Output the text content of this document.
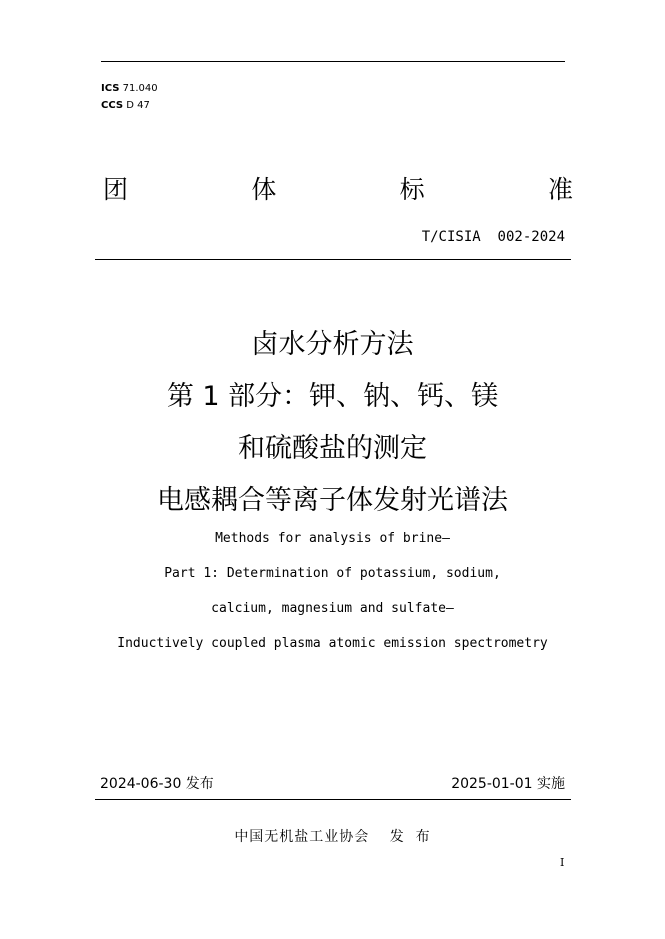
ICS 71.040
CCS D 47
团	体	标	准
T/CISIA  002-2024
卤水分析方法
第 1 部分：钾、钠、钙、镁
和硫酸盐的测定
电感耦合等离子体发射光谱法
Methods for analysis of brine—
Part 1: Determination of potassium, sodium,
calcium, magnesium and sulfate—
Inductively coupled plasma atomic emission spectrometry
2024-06-30 发布	2025-01-01 实施
中国无机盐工业协会　 发  布
I
